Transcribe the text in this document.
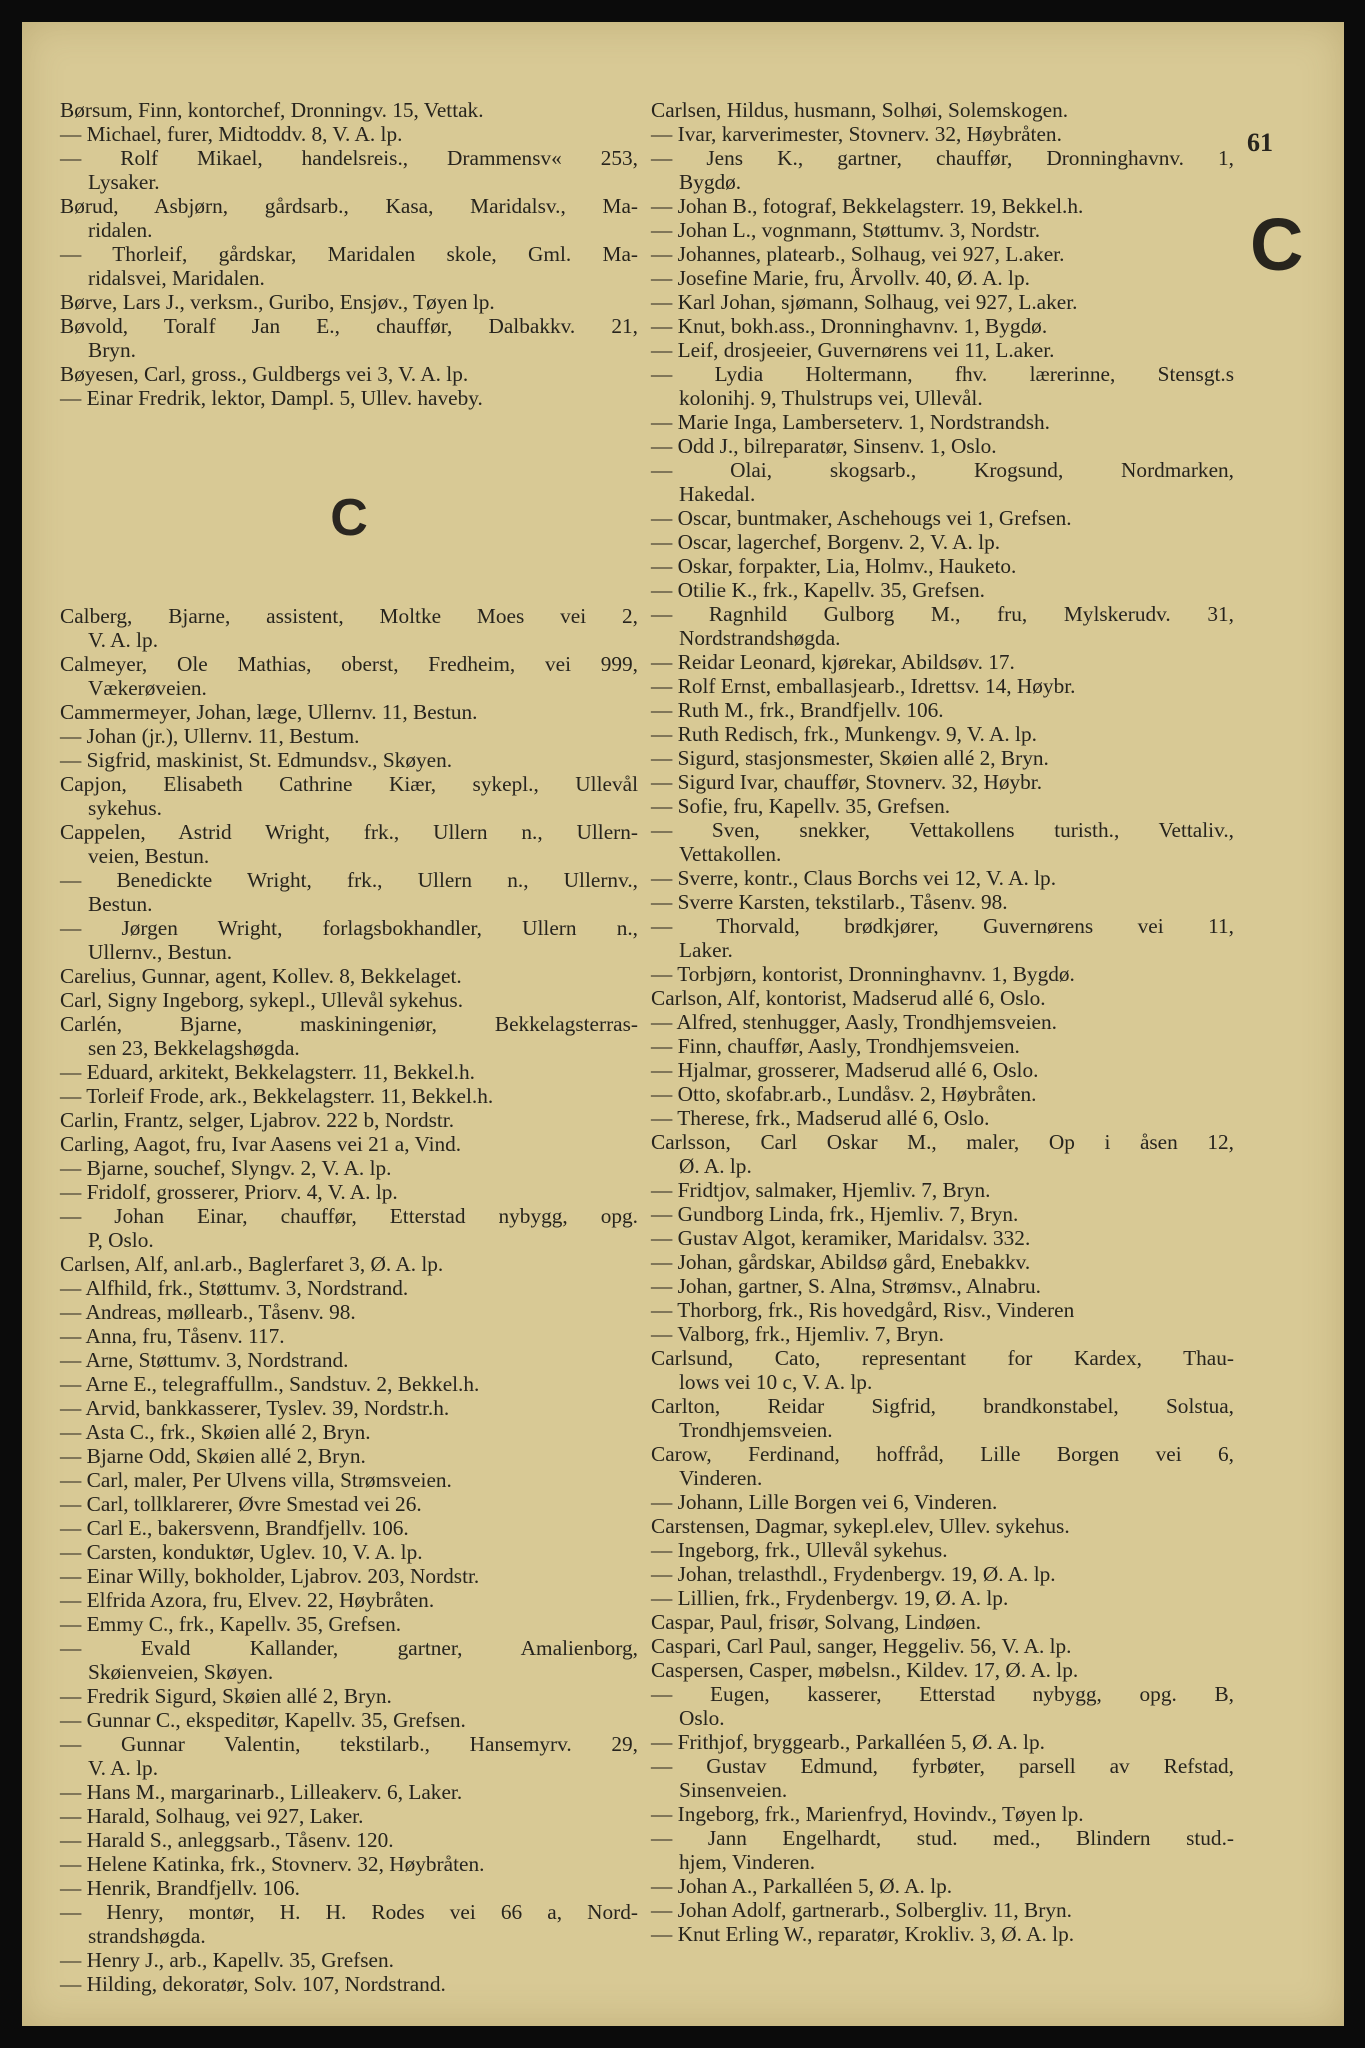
61
C
Børsum, Finn, kontorchef, Dronningv. 15, Vettak.
— Michael, furer, Midtoddv. 8, V. A. lp.
— Rolf Mikael, handelsreis., Drammensv« 253,
Lysaker.
Børud, Asbjørn, gårdsarb., Kasa, Maridalsv., Ma-
ridalen.
— Thorleif, gårdskar, Maridalen skole, Gml. Ma-
ridalsvei, Maridalen.
Børve, Lars J., verksm., Guribo, Ensjøv., Tøyen lp.
Bøvold, Toralf Jan E., chauffør, Dalbakkv. 21,
Bryn.
Bøyesen, Carl, gross., Guldbergs vei 3, V. A. lp.
— Einar Fredrik, lektor, Dampl. 5, Ullev. haveby.
C
Calberg, Bjarne, assistent, Moltke Moes vei 2,
V. A. lp.
Calmeyer, Ole Mathias, oberst, Fredheim, vei 999,
Vækerøveien.
Cammermeyer, Johan, læge, Ullernv. 11, Bestun.
— Johan (jr.), Ullernv. 11, Bestum.
— Sigfrid, maskinist, St. Edmundsv., Skøyen.
Capjon, Elisabeth Cathrine Kiær, sykepl., Ullevål
sykehus.
Cappelen, Astrid Wright, frk., Ullern n., Ullern-
veien, Bestun.
— Benedickte Wright, frk., Ullern n., Ullernv.,
Bestun.
— Jørgen Wright, forlagsbokhandler, Ullern n.,
Ullernv., Bestun.
Carelius, Gunnar, agent, Kollev. 8, Bekkelaget.
Carl, Signy Ingeborg, sykepl., Ullevål sykehus.
Carlén, Bjarne, maskiningeniør, Bekkelagsterras-
sen 23, Bekkelagshøgda.
— Eduard, arkitekt, Bekkelagsterr. 11, Bekkel.h.
— Torleif Frode, ark., Bekkelagsterr. 11, Bekkel.h.
Carlin, Frantz, selger, Ljabrov. 222 b, Nordstr.
Carling, Aagot, fru, Ivar Aasens vei 21 a, Vind.
— Bjarne, souchef, Slyngv. 2, V. A. lp.
— Fridolf, grosserer, Priorv. 4, V. A. lp.
— Johan Einar, chauffør, Etterstad nybygg, opg.
P, Oslo.
Carlsen, Alf, anl.arb., Baglerfaret 3, Ø. A. lp.
— Alfhild, frk., Støttumv. 3, Nordstrand.
— Andreas, møllearb., Tåsenv. 98.
— Anna, fru, Tåsenv. 117.
— Arne, Støttumv. 3, Nordstrand.
— Arne E., telegraffullm., Sandstuv. 2, Bekkel.h.
— Arvid, bankkasserer, Tyslev. 39, Nordstr.h.
— Asta C., frk., Skøien allé 2, Bryn.
— Bjarne Odd, Skøien allé 2, Bryn.
— Carl, maler, Per Ulvens villa, Strømsveien.
— Carl, tollklarerer, Øvre Smestad vei 26.
— Carl E., bakersvenn, Brandfjellv. 106.
— Carsten, konduktør, Uglev. 10, V. A. lp.
— Einar Willy, bokholder, Ljabrov. 203, Nordstr.
— Elfrida Azora, fru, Elvev. 22, Høybråten.
— Emmy C., frk., Kapellv. 35, Grefsen.
— Evald Kallander, gartner, Amalienborg,
Skøienveien, Skøyen.
— Fredrik Sigurd, Skøien allé 2, Bryn.
— Gunnar C., ekspeditør, Kapellv. 35, Grefsen.
— Gunnar Valentin, tekstilarb., Hansemyrv. 29,
V. A. lp.
— Hans M., margarinarb., Lilleakerv. 6, Laker.
— Harald, Solhaug, vei 927, Laker.
— Harald S., anleggsarb., Tåsenv. 120.
— Helene Katinka, frk., Stovnerv. 32, Høybråten.
— Henrik, Brandfjellv. 106.
— Henry, montør, H. H. Rodes vei 66 a, Nord-
strandshøgda.
— Henry J., arb., Kapellv. 35, Grefsen.
— Hilding, dekoratør, Solv. 107, Nordstrand.
Carlsen, Hildus, husmann, Solhøi, Solemskogen.
— Ivar, karverimester, Stovnerv. 32, Høybråten.
— Jens K., gartner, chauffør, Dronninghavnv. 1,
Bygdø.
— Johan B., fotograf, Bekkelagsterr. 19, Bekkel.h.
— Johan L., vognmann, Støttumv. 3, Nordstr.
— Johannes, platearb., Solhaug, vei 927, L.aker.
— Josefine Marie, fru, Årvollv. 40, Ø. A. lp.
— Karl Johan, sjømann, Solhaug, vei 927, L.aker.
— Knut, bokh.ass., Dronninghavnv. 1, Bygdø.
— Leif, drosjeeier, Guvernørens vei 11, L.aker.
— Lydia Holtermann, fhv. lærerinne, Stensgt.s
kolonihj. 9, Thulstrups vei, Ullevål.
— Marie Inga, Lamberseterv. 1, Nordstrandsh.
— Odd J., bilreparatør, Sinsenv. 1, Oslo.
— Olai, skogsarb., Krogsund, Nordmarken,
Hakedal.
— Oscar, buntmaker, Aschehougs vei 1, Grefsen.
— Oscar, lagerchef, Borgenv. 2, V. A. lp.
— Oskar, forpakter, Lia, Holmv., Hauketo.
— Otilie K., frk., Kapellv. 35, Grefsen.
— Ragnhild Gulborg M., fru, Mylskerudv. 31,
Nordstrandshøgda.
— Reidar Leonard, kjørekar, Abildsøv. 17.
— Rolf Ernst, emballasjearb., Idrettsv. 14, Høybr.
— Ruth M., frk., Brandfjellv. 106.
— Ruth Redisch, frk., Munkengv. 9, V. A. lp.
— Sigurd, stasjonsmester, Skøien allé 2, Bryn.
— Sigurd Ivar, chauffør, Stovnerv. 32, Høybr.
— Sofie, fru, Kapellv. 35, Grefsen.
— Sven, snekker, Vettakollens turisth., Vettaliv.,
Vettakollen.
— Sverre, kontr., Claus Borchs vei 12, V. A. lp.
— Sverre Karsten, tekstilarb., Tåsenv. 98.
— Thorvald, brødkjører, Guvernørens vei 11,
Laker.
— Torbjørn, kontorist, Dronninghavnv. 1, Bygdø.
Carlson, Alf, kontorist, Madserud allé 6, Oslo.
— Alfred, stenhugger, Aasly, Trondhjemsveien.
— Finn, chauffør, Aasly, Trondhjemsveien.
— Hjalmar, grosserer, Madserud allé 6, Oslo.
— Otto, skofabr.arb., Lundåsv. 2, Høybråten.
— Therese, frk., Madserud allé 6, Oslo.
Carlsson, Carl Oskar M., maler, Op i åsen 12,
Ø. A. lp.
— Fridtjov, salmaker, Hjemliv. 7, Bryn.
— Gundborg Linda, frk., Hjemliv. 7, Bryn.
— Gustav Algot, keramiker, Maridalsv. 332.
— Johan, gårdskar, Abildsø gård, Enebakkv.
— Johan, gartner, S. Alna, Strømsv., Alnabru.
— Thorborg, frk., Ris hovedgård, Risv., Vinderen
— Valborg, frk., Hjemliv. 7, Bryn.
Carlsund, Cato, representant for Kardex, Thau-
lows vei 10 c, V. A. lp.
Carlton, Reidar Sigfrid, brandkonstabel, Solstua,
Trondhjemsveien.
Carow, Ferdinand, hoffråd, Lille Borgen vei 6,
Vinderen.
— Johann, Lille Borgen vei 6, Vinderen.
Carstensen, Dagmar, sykepl.elev, Ullev. sykehus.
— Ingeborg, frk., Ullevål sykehus.
— Johan, trelasthdl., Frydenbergv. 19, Ø. A. lp.
— Lillien, frk., Frydenbergv. 19, Ø. A. lp.
Caspar, Paul, frisør, Solvang, Lindøen.
Caspari, Carl Paul, sanger, Heggeliv. 56, V. A. lp.
Caspersen, Casper, møbelsn., Kildev. 17, Ø. A. lp.
— Eugen, kasserer, Etterstad nybygg, opg. B,
Oslo.
— Frithjof, bryggearb., Parkalléen 5, Ø. A. lp.
— Gustav Edmund, fyrbøter, parsell av Refstad,
Sinsenveien.
— Ingeborg, frk., Marienfryd, Hovindv., Tøyen lp.
— Jann Engelhardt, stud. med., Blindern stud.-
hjem, Vinderen.
— Johan A., Parkalléen 5, Ø. A. lp.
— Johan Adolf, gartnerarb., Solbergliv. 11, Bryn.
— Knut Erling W., reparatør, Krokliv. 3, Ø. A. lp.
